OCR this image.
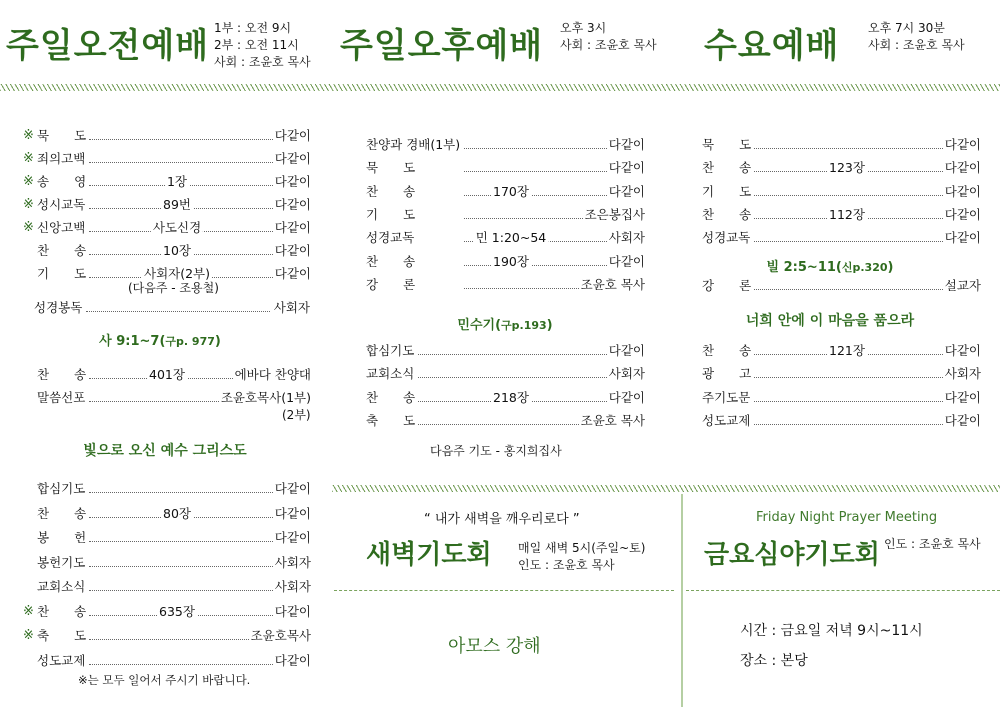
주일오전예배 1부 : 오전 9시
2부 : 오전 11시
사회 : 조윤호 목사 주일오후예배 오후 3시
사회 : 조윤호 목사 수요예배 오후 7시 30분
사회 : 조윤호 목사
※ 묵　　도	다같이
※ 죄의고백	다같이
※ 송　　영	1장	다같이
※ 성시교독	89번	다같이
※ 신앙고백	사도신경	다같이
찬　　송	10장	다같이
기　　도	사회자(2부)	다같이
(다음주 - 조용철)
성경봉독	사회자
사 9:1~7(구p. 977)
찬　　송	401장	에바다 찬양대
말씀선포	조윤호목사(1부)
(2부)
빛으로 오신 예수 그리스도
합심기도	다같이
찬　　송	80장	다같이
봉　　헌	다같이
봉헌기도	사회자
교회소식	사회자
※ 찬　　송	635장	다같이
※ 축　　도	조윤호목사
성도교제	다같이
※는 모두 일어서 주시기 바랍니다.
찬양과 경배(1부)	다같이
묵　　도	다같이
찬　　송	170장	다같이
기　　도	조은봉집사
성경교독	민 1:20~54	사회자
찬　　송	190장	다같이
강　　론	조윤호 목사
민수기(구p.193)
합심기도	다같이
교회소식	사회자
찬　　송	218장	다같이
축　　도	조윤호 목사
다음주 기도 - 홍지희집사
묵　　도	다같이
찬　　송	123장	다같이
기　　도	다같이
찬　　송	112장	다같이
성경교독	다같이
빌 2:5~11(신p.320)
강　　론	설교자
너희 안에 이 마음을 품으라
찬　　송	121장	다같이
광　　고	사회자
주기도문	다같이
성도교제	다같이
“ 내가 새벽을 깨우리로다 ”
새벽기도회 매일 새벽 5시(주일~토)
인도 : 조윤호 목사
아모스 강해
Friday Night Prayer Meeting
금요심야기도회 인도 : 조윤호 목사
시간 : 금요일 저녁 9시~11시
장소 : 본당
